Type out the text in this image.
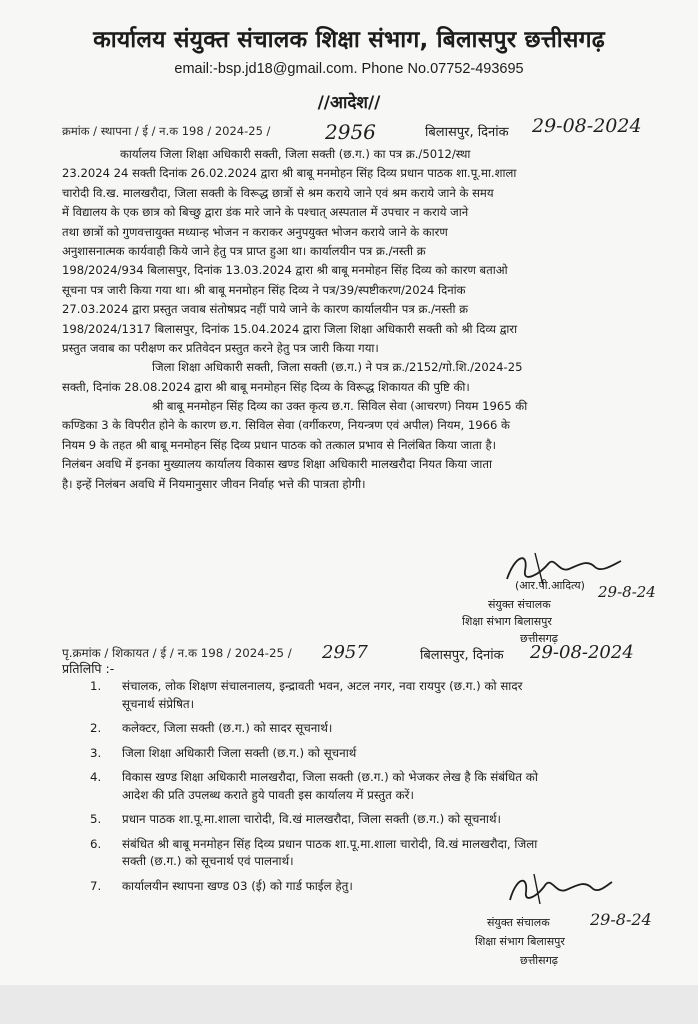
कार्यालय संयुक्त संचालक शिक्षा संभाग, बिलासपुर छत्तीसगढ़
email:-bsp.jd18@gmail.com. Phone No.07752-493695
//आदेश//
क्रमांक / स्थापना / ई / न.क 198 / 2024-25 /	2956	बिलासपुर, दिनांक 29-08-2024
कार्यालय जिला शिक्षा अधिकारी सक्ती, जिला सक्ती (छ.ग.) का पत्र क्र./5012/स्था
23.2024 24 सक्ती दिनांक 26.02.2024 द्वारा श्री बाबू मनमोहन सिंह दिव्य प्रधान पाठक शा.पू.मा.शाला
चारोदी वि.ख. मालखरौदा, जिला सक्ती के विरूद्ध छात्रों से श्रम कराये जाने एवं श्रम कराये जाने के समय
में विद्यालय के एक छात्र को बिच्छु द्वारा डंक मारे जाने के पश्चात् अस्पताल में उपचार न कराये जाने
तथा छात्रों को गुणवत्तायुक्त मध्यान्ह भोजन न कराकर अनुपयुक्त भोजन कराये जाने के कारण
अनुशासनात्मक कार्यवाही किये जाने हेतु पत्र प्राप्त हुआ था। कार्यालयीन पत्र क्र./नस्ती क्र
198/2024/934 बिलासपुर, दिनांक 13.03.2024 द्वारा श्री बाबू मनमोहन सिंह दिव्य को कारण बताओ
सूचना पत्र जारी किया गया था। श्री बाबू मनमोहन सिंह दिव्य ने पत्र/39/स्पष्टीकरण/2024 दिनांक
27.03.2024 द्वारा प्रस्तुत जवाब संतोषप्रद नहीं पाये जाने के कारण कार्यालयीन पत्र क्र./नस्ती क्र
198/2024/1317 बिलासपुर, दिनांक 15.04.2024 द्वारा जिला शिक्षा अधिकारी सक्ती को श्री दिव्य द्वारा
प्रस्तुत जवाब का परीक्षण कर प्रतिवेदन प्रस्तुत करने हेतु पत्र जारी किया गया।
जिला शिक्षा अधिकारी सक्ती, जिला सक्ती (छ.ग.) ने पत्र क्र./2152/गो.शि./2024-25
सक्ती, दिनांक 28.08.2024 द्वारा श्री बाबू मनमोहन सिंह दिव्य के विरूद्ध शिकायत की पुष्टि की।
श्री बाबू मनमोहन सिंह दिव्य का उक्त कृत्य छ.ग. सिविल सेवा (आचरण) नियम 1965 की
कण्डिका 3 के विपरीत होने के कारण छ.ग. सिविल सेवा (वर्गीकरण, नियन्त्रण एवं अपील) नियम, 1966 के
नियम 9 के तहत श्री बाबू मनमोहन सिंह दिव्य प्रधान पाठक को तत्काल प्रभाव से निलंबित किया जाता है।
निलंबन अवधि में इनका मुख्यालय कार्यालय विकास खण्ड शिक्षा अधिकारी मालखरौदा नियत किया जाता
है। इन्हें निलंबन अवधि में नियमानुसार जीवन निर्वाह भत्ते की पात्रता होगी।
(आर.पी.आदित्य) 29-8-24
संयुक्त संचालक
शिक्षा संभाग बिलासपुर
छत्तीसगढ़
पृ.क्रमांक / शिकायत / ई / न.क 198 / 2024-25 / 2957	बिलासपुर, दिनांक 29-08-2024
प्रतिलिपि :-
1. संचालक, लोक शिक्षण संचालनालय, इन्द्रावती भवन, अटल नगर, नवा रायपुर (छ.ग.) को सादर
सूचनार्थ संप्रेषित।
2. कलेक्टर, जिला सक्ती (छ.ग.) को सादर सूचनार्थ।
3. जिला शिक्षा अधिकारी जिला सक्ती (छ.ग.) को सूचनार्थ
4. विकास खण्ड शिक्षा अधिकारी मालखरौदा, जिला सक्ती (छ.ग.) को भेजकर लेख है कि संबंधित को
आदेश की प्रति उपलब्ध कराते हुये पावती इस कार्यालय में प्रस्तुत करें।
5. प्रधान पाठक शा.पू.मा.शाला चारोदी, वि.खं मालखरौदा, जिला सक्ती (छ.ग.) को सूचनार्थ।
6. संबंधित श्री बाबू मनमोहन सिंह दिव्य प्रधान पाठक शा.पू.मा.शाला चारोदी, वि.खं मालखरौदा, जिला
सक्ती (छ.ग.) को सूचनार्थ एवं पालनार्थ।
7. कार्यालयीन स्थापना खण्ड 03 (ई) को गार्ड फाईल हेतु।
संयुक्त संचालक	29-8-24
शिक्षा संभाग बिलासपुर
छत्तीसगढ़
